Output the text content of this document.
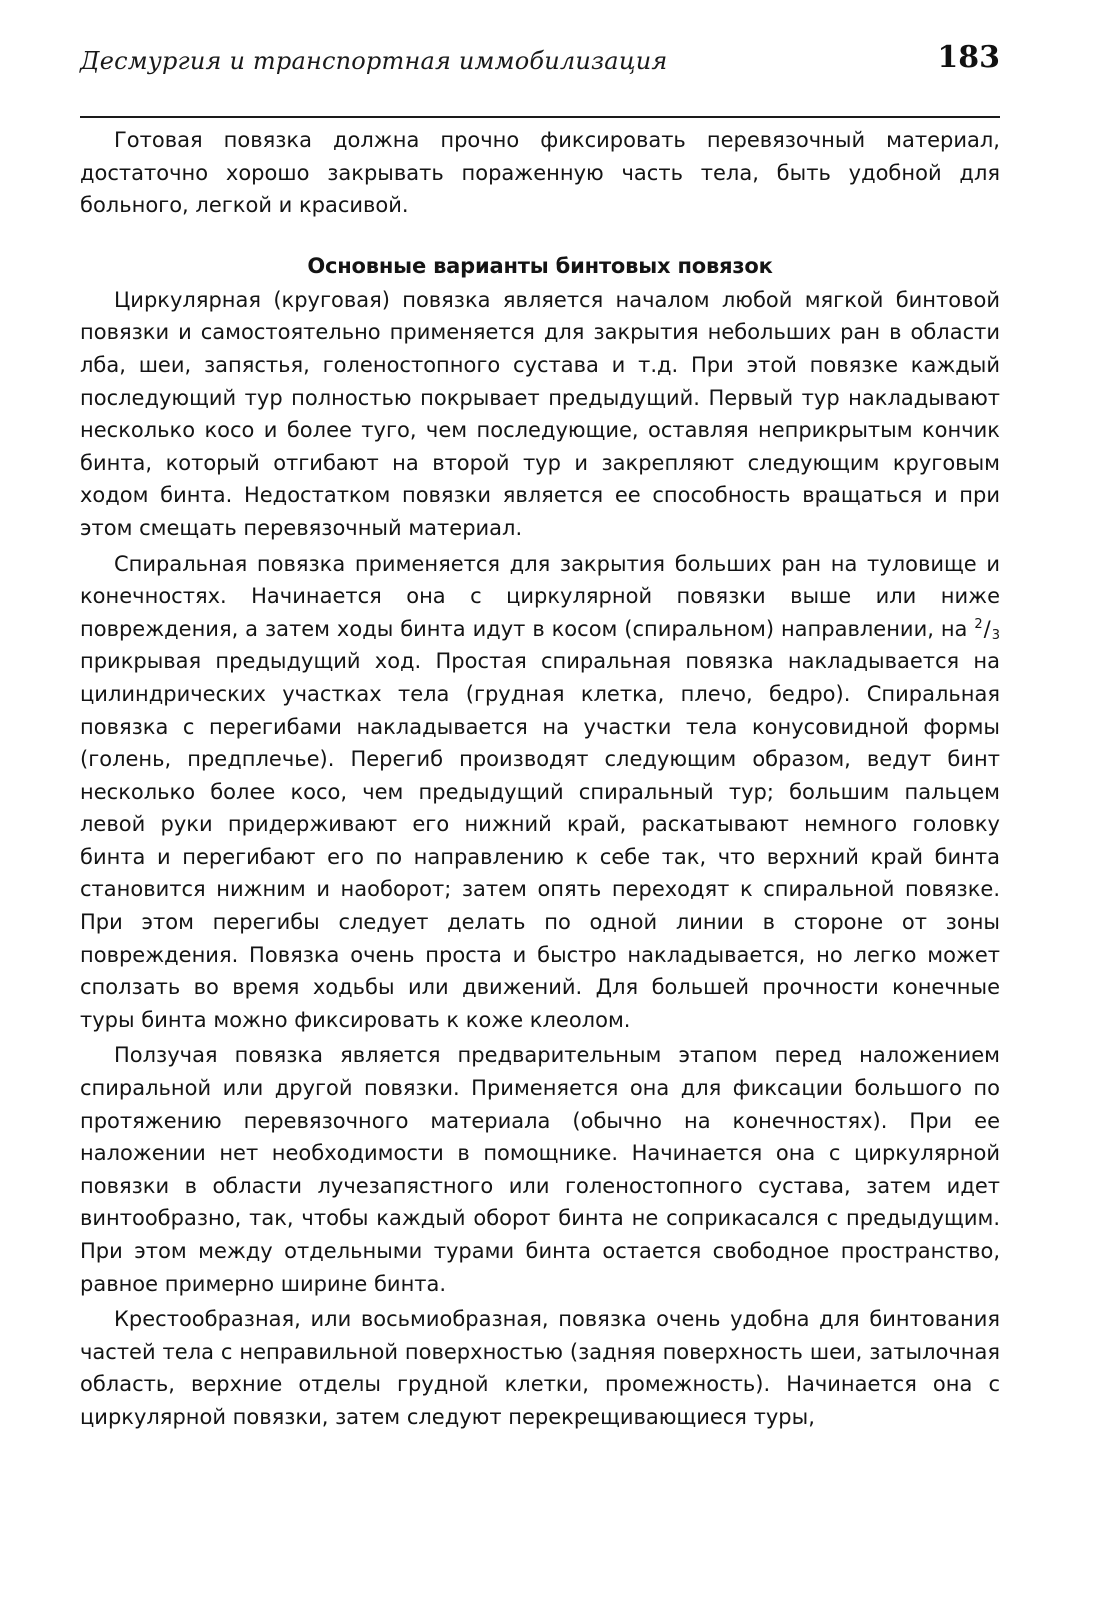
Десмургия и транспортная иммобилизация	183

Готовая повязка должна прочно фиксировать перевязочный материал, достаточно хорошо закрывать пораженную часть тела, быть удобной для больного, легкой и красивой.

Основные варианты бинтовых повязок

Циркулярная (круговая) повязка является началом любой мягкой бинтовой повязки и самостоятельно применяется для закрытия небольших ран в области лба, шеи, запястья, голеностопного сустава и т.д. При этой повязке каждый последующий тур полностью покрывает предыдущий. Первый тур накладывают несколько косо и более туго, чем последующие, оставляя неприкрытым кончик бинта, который отгибают на второй тур и закрепляют следующим круговым ходом бинта. Недостатком повязки является ее способность вращаться и при этом смещать перевязочный материал.

Спиральная повязка применяется для закрытия больших ран на туловище и конечностях. Начинается она с циркулярной повязки выше или ниже повреждения, а затем ходы бинта идут в косом (спиральном) направлении, на $^2/_3$ прикрывая предыдущий ход. Простая спиральная повязка накладывается на цилиндрических участках тела (грудная клетка, плечо, бедро). Спиральная повязка с перегибами накладывается на участки тела конусовидной формы (голень, предплечье). Перегиб производят следующим образом, ведут бинт несколько более косо, чем предыдущий спиральный тур; большим пальцем левой руки придерживают его нижний край, раскатывают немного головку бинта и перегибают его по направлению к себе так, что верхний край бинта становится нижним и наоборот; затем опять переходят к спиральной повязке. При этом перегибы следует делать по одной линии в стороне от зоны повреждения. Повязка очень проста и быстро накладывается, но легко может сползать во время ходьбы или движений. Для большей прочности конечные туры бинта можно фиксировать к коже клеолом.

Ползучая повязка является предварительным этапом перед наложением спиральной или другой повязки. Применяется она для фиксации большого по протяжению перевязочного материала (обычно на конечностях). При ее наложении нет необходимости в помощнике. Начинается она с циркулярной повязки в области лучезапястного или голеностопного сустава, затем идет винтообразно, так, чтобы каждый оборот бинта не соприкасался с предыдущим. При этом между отдельными турами бинта остается свободное пространство, равное примерно ширине бинта.

Крестообразная, или восьмиобразная, повязка очень удобна для бинтования частей тела с неправильной поверхностью (задняя поверхность шеи, затылочная область, верхние отделы грудной клетки, промежность). Начинается она с циркулярной повязки, затем следуют перекрещивающиеся туры,
